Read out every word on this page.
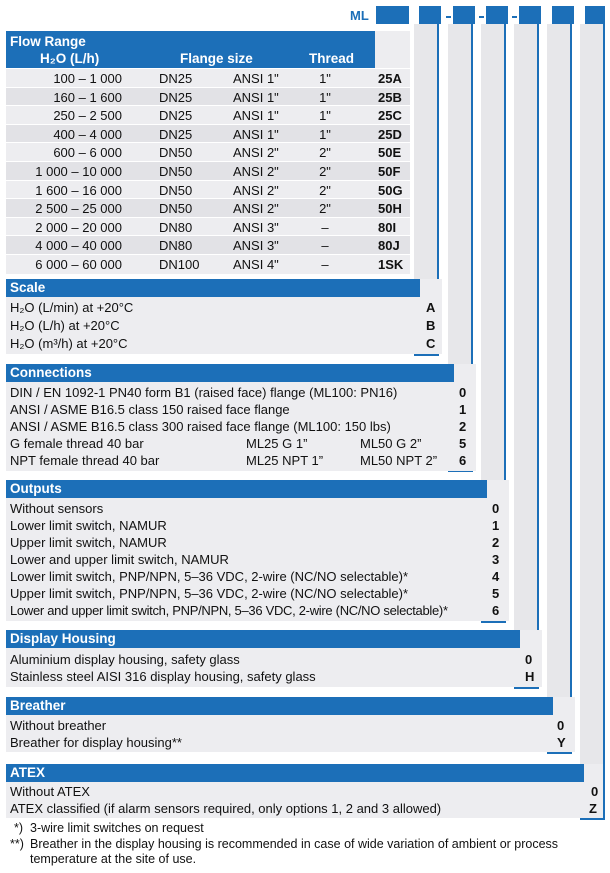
ML
Flow Range
H₂O (L/h)	Flange size	Thread
100 – 1 000	DN25	ANSI 1"	1"	25A
160 – 1 600	DN25	ANSI 1"	1"	25B
250 – 2 500	DN25	ANSI 1"	1"	25C
400 – 4 000	DN25	ANSI 1"	1"	25D
600 – 6 000	DN50	ANSI 2"	2"	50E
1 000 – 10 000	DN50	ANSI 2"	2"	50F
1 600 – 16 000	DN50	ANSI 2"	2"	50G
2 500 – 25 000	DN50	ANSI 2"	2"	50H
2 000 – 20 000	DN80	ANSI 3"	–	80I
4 000 – 40 000	DN80	ANSI 3"	–	80J
6 000 – 60 000	DN100	ANSI 4"	–	1SK
Scale
H₂O (L/min) at +20°C	A
H₂O (L/h) at +20°C	B
H₂O (m³/h) at +20°C	C
Connections
DIN / EN 1092-1 PN40 form B1 (raised face) flange (ML100: PN16)	0
ANSI / ASME B16.5 class 150 raised face flange	1
ANSI / ASME B16.5 class 300 raised face flange (ML100: 150 lbs)	2
G female thread 40 bar	ML25 G 1”	ML50 G 2”	5
NPT female thread 40 bar	ML25 NPT 1”	ML50 NPT 2” 6
Outputs
Without sensors	0
Lower limit switch, NAMUR	1
Upper limit switch, NAMUR	2
Lower and upper limit switch, NAMUR	3
Lower limit switch, PNP/NPN, 5–36 VDC, 2-wire (NC/NO selectable)*	4
Upper limit switch, PNP/NPN, 5–36 VDC, 2-wire (NC/NO selectable)*	5
Lower and upper limit switch, PNP/NPN, 5–36 VDC, 2-wire (NC/NO selectable)*	6
Display Housing
Aluminium display housing, safety glass	0
Stainless steel AISI 316 display housing, safety glass	H
Breather
Without breather	0
Breather for display housing**	Y
ATEX
Without ATEX	0
ATEX classified (if alarm sensors required, only options 1, 2 and 3 allowed)	Z
*) 3-wire limit switches on request
**) Breather in the display housing is recommended in case of wide variation of ambient or process temperature at the site of use.
